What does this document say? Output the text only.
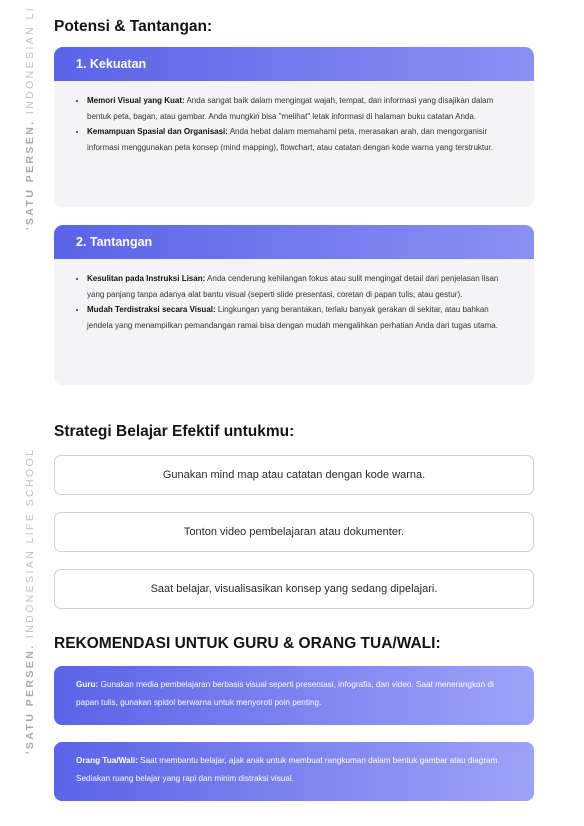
'SATU PERSEN. INDONESIAN LI
'SATU PERSEN. INDONESIAN LIFE SCHOOL
Potensi & Tantangan:
1. Kekuatan
• Memori Visual yang Kuat: Anda sangat baik dalam mengingat wajah, tempat, dan informasi yang disajikan dalam bentuk peta, bagan, atau gambar. Anda mungkin bisa "melihat" letak informasi di halaman buku catatan Anda.
• Kemampuan Spasial dan Organisasi: Anda hebat dalam memahami peta, merasakan arah, dan mengorganisir informasi menggunakan peta konsep (mind mapping), flowchart, atau catatan dengan kode warna yang terstruktur.
2. Tantangan
• Kesulitan pada Instruksi Lisan: Anda cenderung kehilangan fokus atau sulit mengingat detail dari penjelasan lisan yang panjang tanpa adanya alat bantu visual (seperti slide presentasi, coretan di papan tulis, atau gestur).
• Mudah Terdistraksi secara Visual: Lingkungan yang berantakan, terlalu banyak gerakan di sekitar, atau bahkan jendela yang menampilkan pemandangan ramai bisa dengan mudah mengalihkan perhatian Anda dari tugas utama.
Strategi Belajar Efektif untukmu:
Gunakan mind map atau catatan dengan kode warna.
Tonton video pembelajaran atau dokumenter.
Saat belajar, visualisasikan konsep yang sedang dipelajari.
REKOMENDASI UNTUK GURU & ORANG TUA/WALI:
Guru: Gunakan media pembelajaran berbasis visual seperti presentasi, infografis, dan video. Saat menerangkan di papan tulis, gunakan spidol berwarna untuk menyoroti poin penting.
Orang Tua/Wali: Saat membantu belajar, ajak anak untuk membuat rangkuman dalam bentuk gambar atau diagram. Sediakan ruang belajar yang rapi dan minim distraksi visual.
